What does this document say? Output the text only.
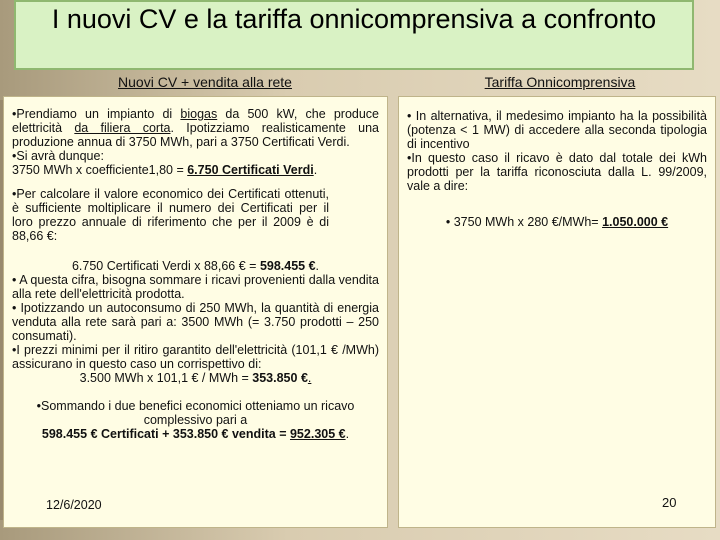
I nuovi CV e la tariffa onnicomprensiva a confronto
Nuovi CV + vendita alla rete	Tariffa Onnicomprensiva

•Prendiamo un impianto di biogas da 500 kW, che produce elettricità da filiera corta. Ipotizziamo realisticamente una produzione annua di 3750 MWh, pari a 3750 Certificati Verdi.
•Si avrà dunque:
3750 MWh x coefficiente1,80 = 6.750 Certificati Verdi.

•Per calcolare il valore economico dei Certificati ottenuti, è sufficiente moltiplicare il numero dei Certificati per il loro prezzo annuale di riferimento che per il 2009 è di 88,66 €:

6.750 Certificati Verdi x 88,66 € = 598.455 €.
• A questa cifra, bisogna sommare i ricavi provenienti dalla vendita alla rete dell'elettricità prodotta.
• Ipotizzando un autoconsumo di 250 MWh, la quantità di energia venduta alla rete sarà pari a: 3500 MWh (= 3.750 prodotti – 250 consumati).
•I prezzi minimi per il ritiro garantito dell'elettricità (101,1 € /MWh) assicurano in questo caso un corrispettivo di:

3.500 MWh x 101,1 € / MWh = 353.850 €.

•Sommando i due benefici economici otteniamo un ricavo complessivo pari a
598.455 € Certificati + 353.850 € vendita = 952.305 €.

• In alternativa, il medesimo impianto ha la possibilità (potenza < 1 MW) di accedere alla seconda tipologia di incentivo

•In questo caso il ricavo è dato dal totale dei kWh prodotti per la tariffa riconosciuta dalla L. 99/2009, vale a dire:

• 3750 MWh x 280 €/MWh= 1.050.000 €

12/6/2020	20
